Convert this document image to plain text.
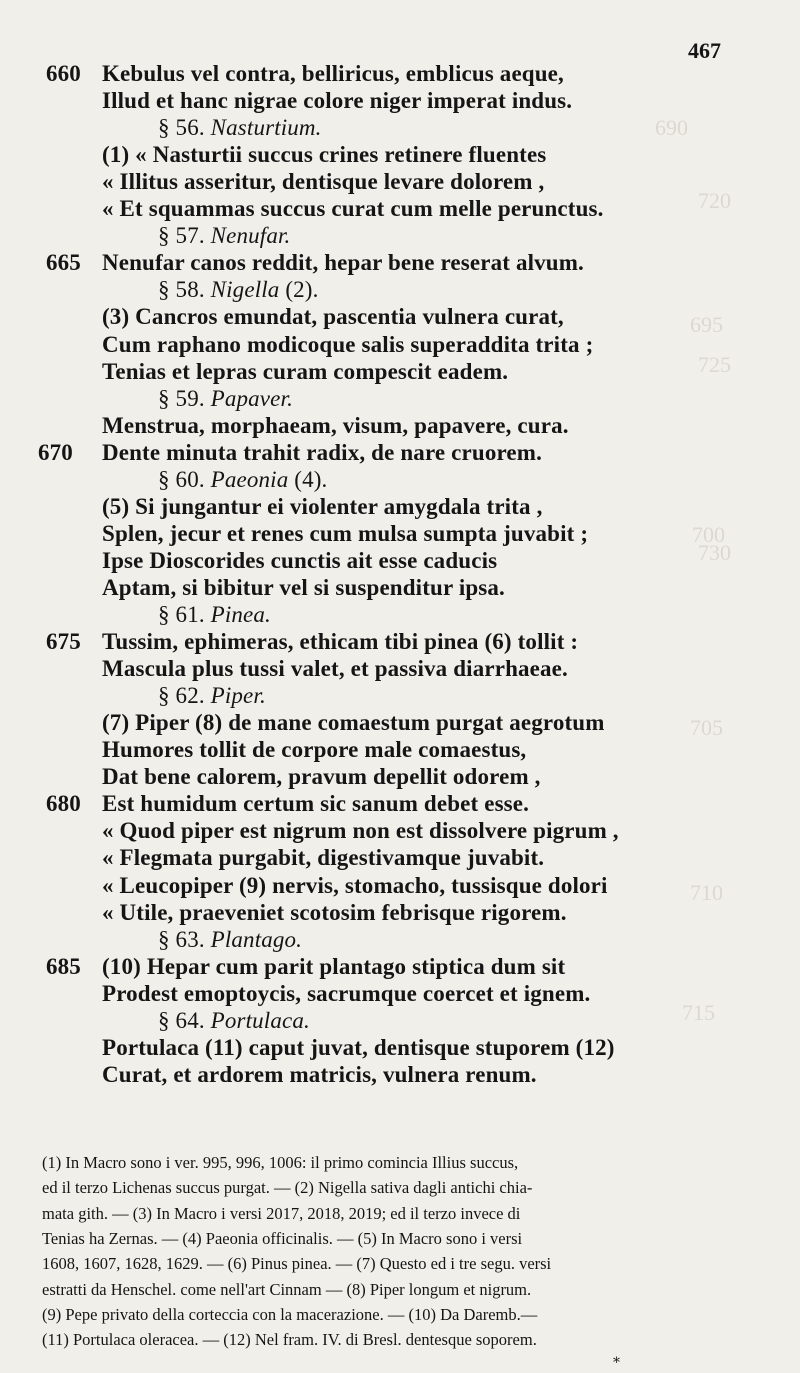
690
720
695
725
700
730
705
710
715
467
660 Kebulus vel contra, belliricus, emblicus aeque,
Illud et hanc nigrae colore niger imperat indus.
§ 56. Nasturtium.
(1) « Nasturtii succus crines retinere fluentes
« Illitus asseritur, dentisque levare dolorem ,
« Et squammas succus curat cum melle perunctus.
§ 57. Nenufar.
665 Nenufar canos reddit, hepar bene reserat alvum.
§ 58. Nigella (2).
(3) Cancros emundat, pascentia vulnera curat,
Cum raphano modicoque salis superaddita trita ;
Tenias et lepras curam compescit eadem.
§ 59. Papaver.
Menstrua, morphaeam, visum, papavere, cura.
670 Dente minuta trahit radix, de nare cruorem.
§ 60. Paeonia (4).
(5) Si jungantur ei violenter amygdala trita ,
Splen, jecur et renes cum mulsa sumpta juvabit ;
Ipse Dioscorides cunctis ait esse caducis
Aptam, si bibitur vel si suspenditur ipsa.
§ 61. Pinea.
675 Tussim, ephimeras, ethicam tibi pinea (6) tollit :
Mascula plus tussi valet, et passiva diarrhaeae.
§ 62. Piper.
(7) Piper (8) de mane comaestum purgat aegrotum
Humores tollit de corpore male comaestus,
Dat bene calorem, pravum depellit odorem ,
680 Est humidum certum sic sanum debet esse.
« Quod piper est nigrum non est dissolvere pigrum ,
« Flegmata purgabit, digestivamque juvabit.
« Leucopiper (9) nervis, stomacho, tussisque dolori
« Utile, praeveniet scotosim febrisque rigorem.
§ 63. Plantago.
685 (10) Hepar cum parit plantago stiptica dum sit
Prodest emoptoycis, sacrumque coercet et ignem.
§ 64. Portulaca.
Portulaca (11) caput juvat, dentisque stuporem (12)
Curat, et ardorem matricis, vulnera renum.
(1) In Macro sono i ver. 995, 996, 1006: il primo comincia Illius succus,
ed il terzo Lichenas succus purgat. — (2) Nigella sativa dagli antichi chia-
mata gith. — (3) In Macro i versi 2017, 2018, 2019; ed il terzo invece di
Tenias ha Zernas. — (4) Paeonia officinalis. — (5) In Macro sono i versi
1608, 1607, 1628, 1629. — (6) Pinus pinea. — (7) Questo ed i tre segu. versi
estratti da Henschel. come nell'art Cinnam — (8) Piper longum et nigrum.
(9) Pepe privato della corteccia con la macerazione. — (10) Da Daremb.—
(11) Portulaca oleracea. — (12) Nel fram. IV. di Bresl. dentesque soporem.
*
